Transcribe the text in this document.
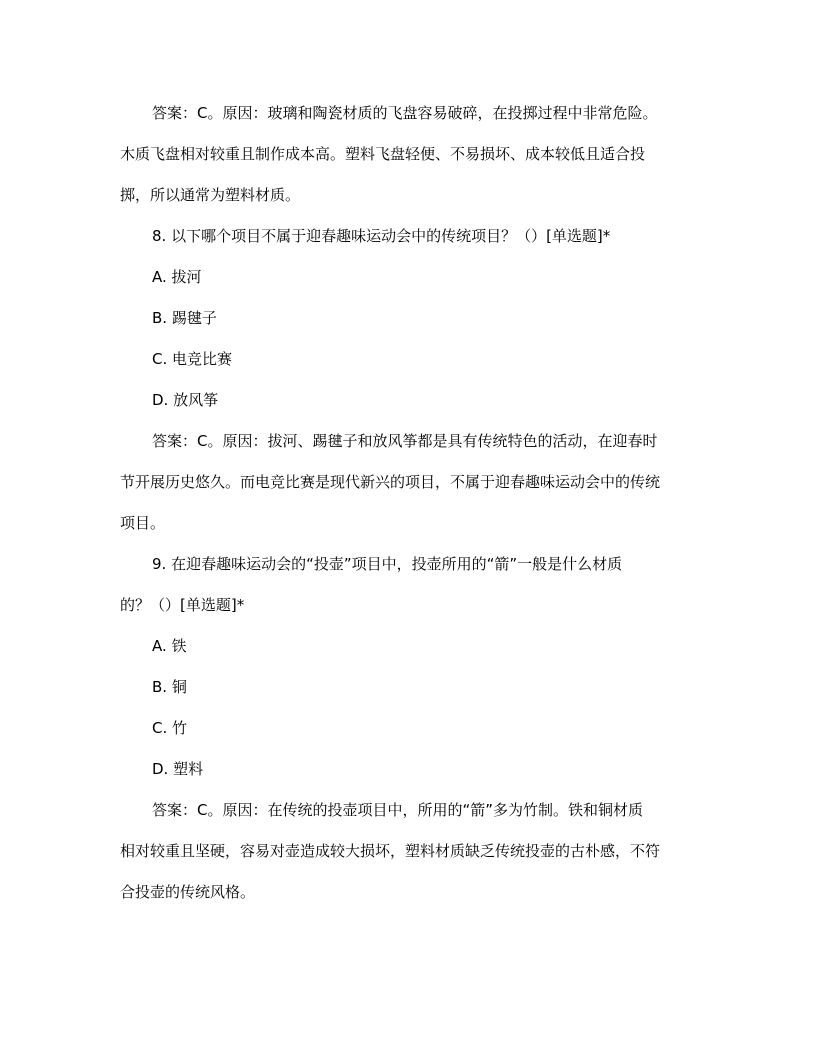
答案：C。原因：玻璃和陶瓷材质的飞盘容易破碎，在投掷过程中非常危险。
木质飞盘相对较重且制作成本高。塑料飞盘轻便、不易损坏、成本较低且适合投
掷，所以通常为塑料材质。

8. 以下哪个项目不属于迎春趣味运动会中的传统项目？（）[单选题]*

A. 拔河

B. 踢毽子

C. 电竞比赛

D. 放风筝

答案：C。原因：拔河、踢毽子和放风筝都是具有传统特色的活动，在迎春时
节开展历史悠久。而电竞比赛是现代新兴的项目，不属于迎春趣味运动会中的传统
项目。

9. 在迎春趣味运动会的“投壶”项目中，投壶所用的“箭”一般是什么材质
的？（）[单选题]*

A. 铁

B. 铜

C. 竹

D. 塑料

答案：C。原因：在传统的投壶项目中，所用的“箭”多为竹制。铁和铜材质
相对较重且坚硬，容易对壶造成较大损坏，塑料材质缺乏传统投壶的古朴感，不符
合投壶的传统风格。
